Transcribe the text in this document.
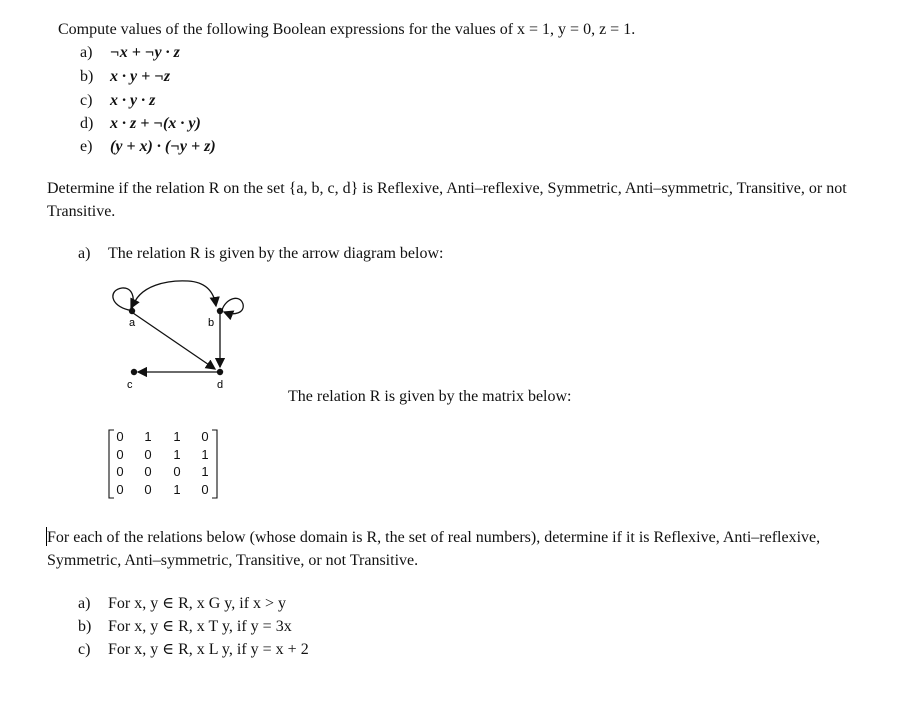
Compute values of the following Boolean expressions for the values of x = 1, y = 0, z = 1.
a) ¬x + ¬y · z
b) x · y + ¬z
c) x · y · z
d) x · z + ¬(x · y)
e) (y + x) · (¬y + z)
Determine if the relation R on the set {a, b, c, d} is Reflexive, Anti–reflexive, Symmetric, Anti–symmetric, Transitive, or not Transitive.
a) The relation R is given by the arrow diagram below:
a	b
c	d
The relation R is given by the matrix below:
0 1 1 0
0 0 1 1
0 0 0 1
0 0 1 0
For each of the relations below (whose domain is R, the set of real numbers), determine if it is Reflexive, Anti–reflexive, Symmetric, Anti–symmetric, Transitive, or not Transitive.
a) For x, y ∈ R, x G y, if x > y
b) For x, y ∈ R, x T y, if y = 3x
c) For x, y ∈ R, x L y, if y = x + 2
